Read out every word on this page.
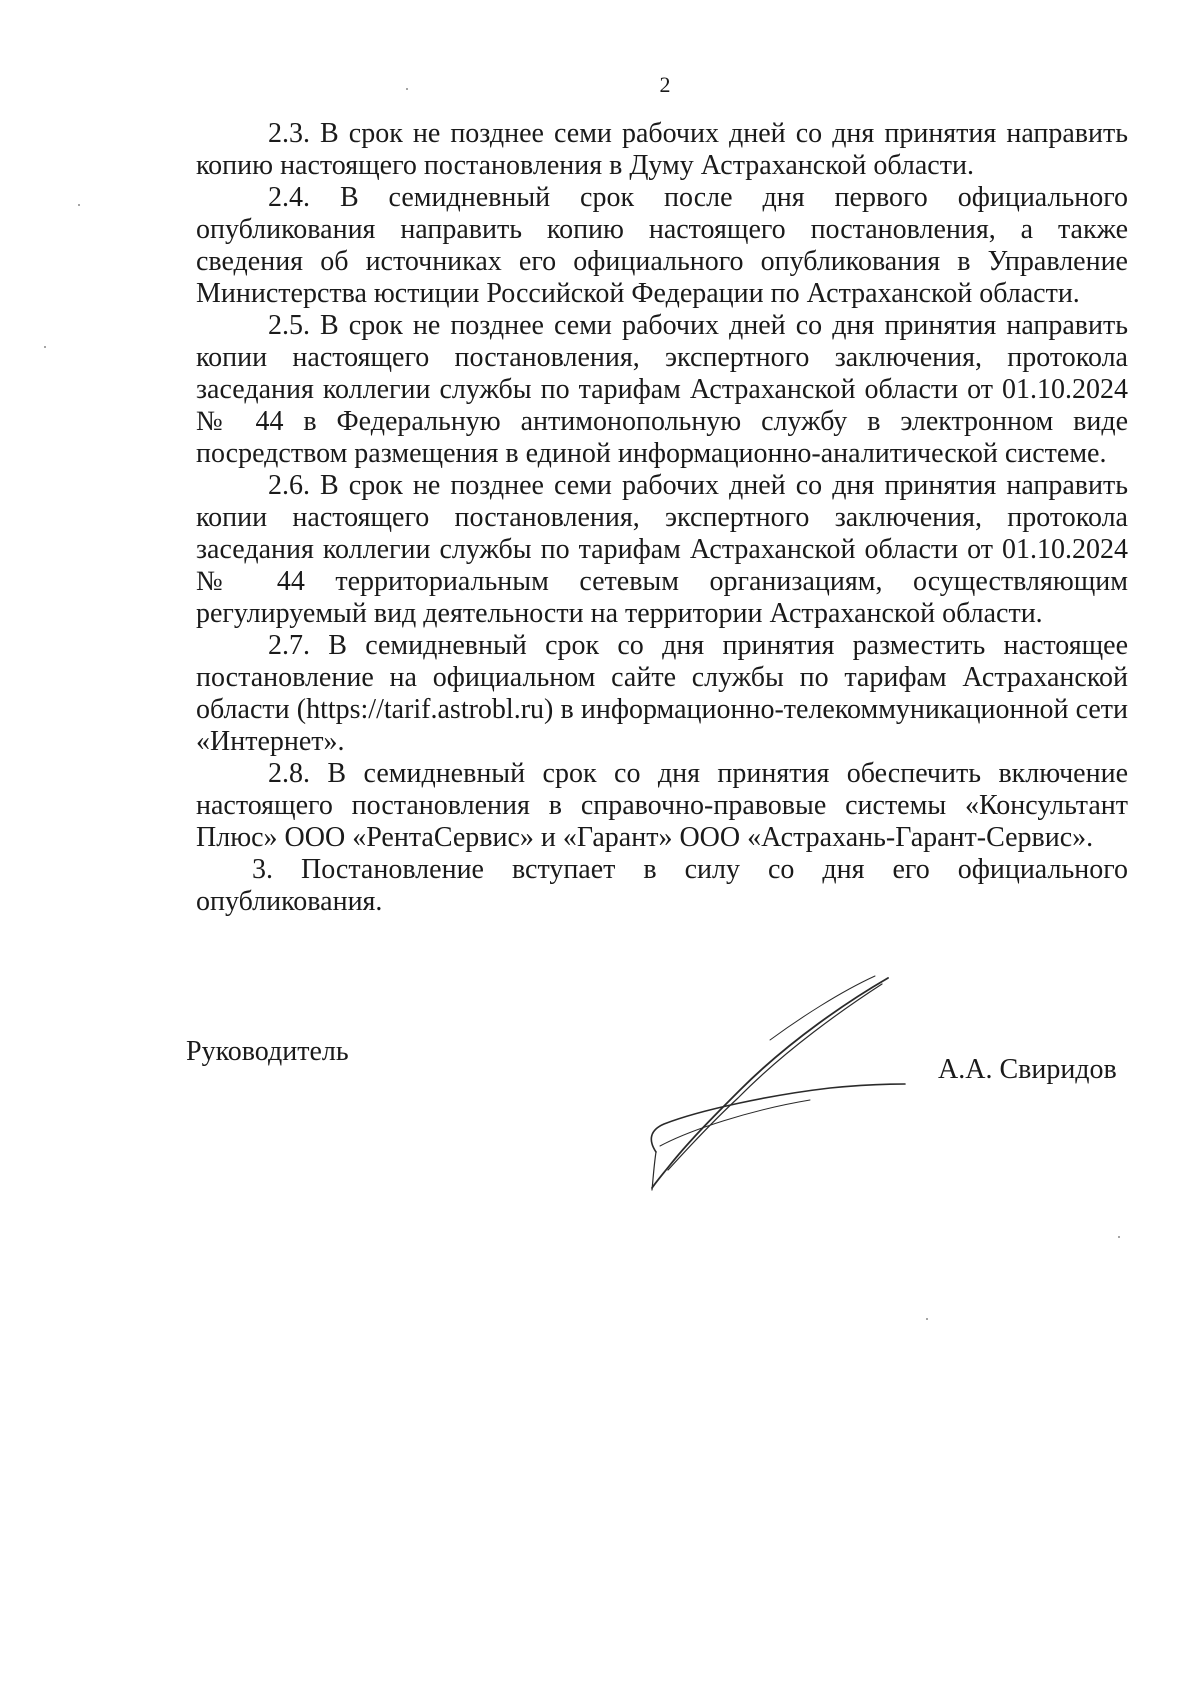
2

2.3. В срок не позднее семи рабочих дней со дня принятия направить копию настоящего постановления в Думу Астраханской области.

2.4. В семидневный срок после дня первого официального опубликования направить копию настоящего постановления, а также сведения об источниках его официального опубликования в Управление Министерства юстиции Российской Федерации по Астраханской области.

2.5. В срок не позднее семи рабочих дней со дня принятия направить копии настоящего постановления, экспертного заключения, протокола заседания коллегии службы по тарифам Астраханской области от 01.10.2024 № 44 в Федеральную антимонопольную службу в электронном виде посредством размещения в единой информационно-аналитической системе.

2.6. В срок не позднее семи рабочих дней со дня принятия направить копии настоящего постановления, экспертного заключения, протокола заседания коллегии службы по тарифам Астраханской области от 01.10.2024 № 44 территориальным сетевым организациям, осуществляющим регулируемый вид деятельности на территории Астраханской области.

2.7. В семидневный срок со дня принятия разместить настоящее постановление на официальном сайте службы по тарифам Астраханской области (https://tarif.astrobl.ru) в информационно-телекоммуникационной сети «Интернет».

2.8. В семидневный срок со дня принятия обеспечить включение настоящего постановления в справочно-правовые системы «Консультант Плюс» ООО «РентаСервис» и «Гарант» ООО «Астрахань-Гарант-Сервис».

3. Постановление вступает в силу со дня его официального опубликования.

Руководитель
А.А. Свиридов
